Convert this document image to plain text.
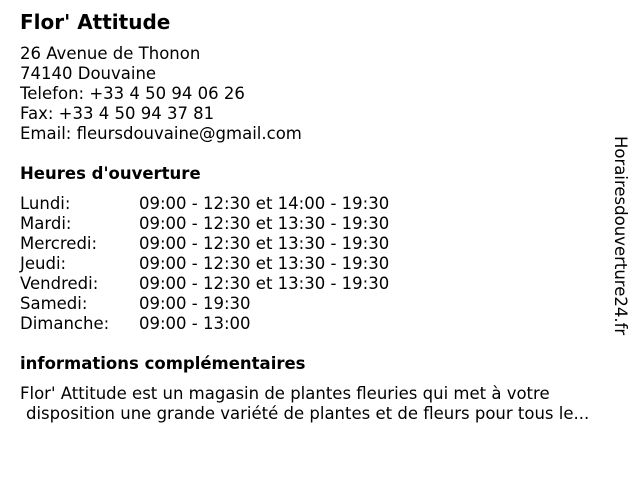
Flor' Attitude
26 Avenue de Thonon
74140 Douvaine
Telefon: +33 4 50 94 06 26
Fax: +33 4 50 94 37 81
Email: fleursdouvaine@gmail.com
Heures d'ouverture
Lundi:	09:00 - 12:30 et 14:00 - 19:30
Mardi:	09:00 - 12:30 et 13:30 - 19:30
Mercredi:	09:00 - 12:30 et 13:30 - 19:30
Jeudi:	09:00 - 12:30 et 13:30 - 19:30
Vendredi: 09:00 - 12:30 et 13:30 - 19:30
Samedi:	09:00 - 19:30
Dimanche: 09:00 - 13:00
informations complémentaires
Flor' Attitude est un magasin de plantes fleuries qui met à votre
disposition une grande variété de plantes et de fleurs pour tous le...
Horairesdouverture24.fr
